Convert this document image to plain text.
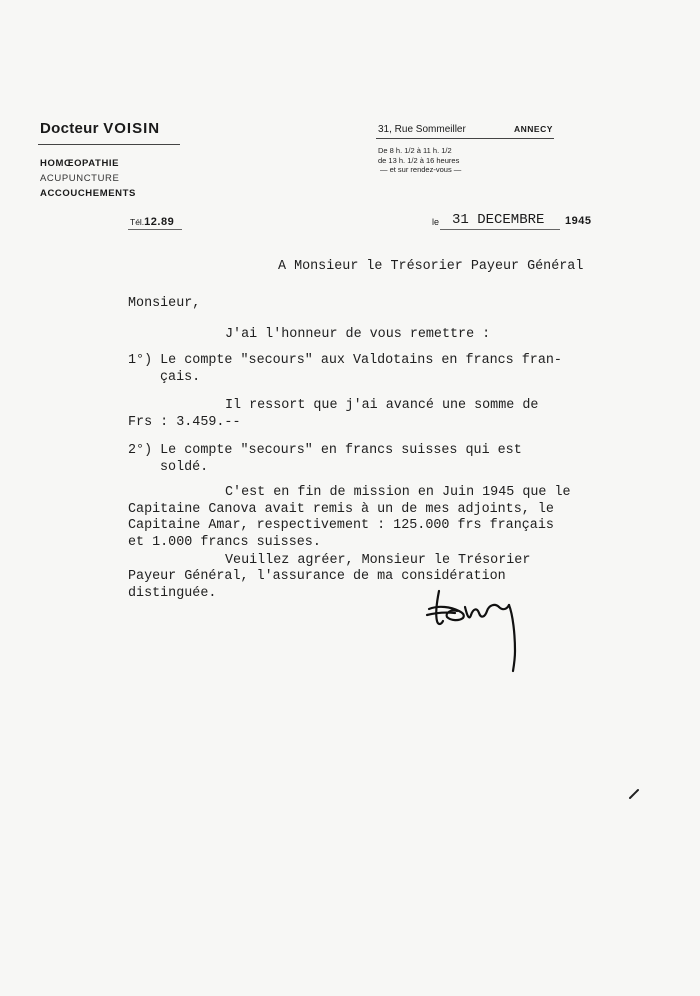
Docteur VOISIN
HOMŒOPATHIE
ACUPUNCTURE
ACCOUCHEMENTS
31, Rue Sommeiller	ANNECY
De 8 h. 1/2 à 11 h. 1/2
de 13 h. 1/2 à 16 heures
— et sur rendez-vous —
Tél.12.89	le 31 DECEMBRE 1945
A Monsieur le Trésorier Payeur Général
Monsieur,
J'ai l'honneur de vous remettre :
1°) Le compte "secours" aux Valdotains en francs fran-
çais.
Il ressort que j'ai avancé une somme de
Frs : 3.459.--
2°) Le compte "secours" en francs suisses qui est
soldé.
C'est en fin de mission en Juin 1945 que le
Capitaine Canova avait remis à un de mes adjoints, le
Capitaine Amar, respectivement : 125.000 frs français
et 1.000 francs suisses.
Veuillez agréer, Monsieur le Trésorier
Payeur Général, l'assurance de ma considération
distinguée.
